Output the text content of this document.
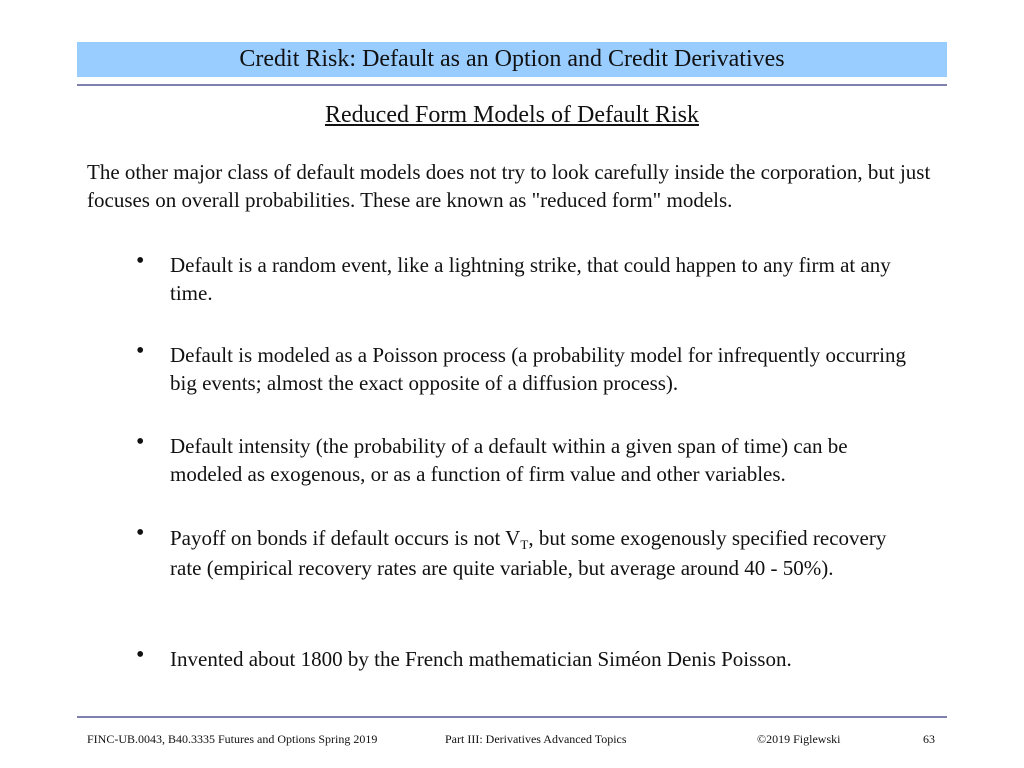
Credit Risk: Default as an Option and Credit Derivatives
Reduced Form Models of Default Risk

The other major class of default models does not try to look carefully inside the corporation, but just focuses on overall probabilities. These are known as "reduced form" models.

• Default is a random event, like a lightning strike, that could happen to any firm at any time.
• Default is modeled as a Poisson process (a probability model for infrequently occurring big events; almost the exact opposite of a diffusion process).
• Default intensity (the probability of a default within a given span of time) can be modeled as exogenous, or as a function of firm value and other variables.
• Payoff on bonds if default occurs is not $V_T$, but some exogenously specified recovery rate (empirical recovery rates are quite variable, but average around 40 - 50%).
• Invented about 1800 by the French mathematician Siméon Denis Poisson.
FINC-UB.0043, B40.3335 Futures and Options Spring 2019	Part III: Derivatives Advanced Topics	©2019 Figlewski	63
